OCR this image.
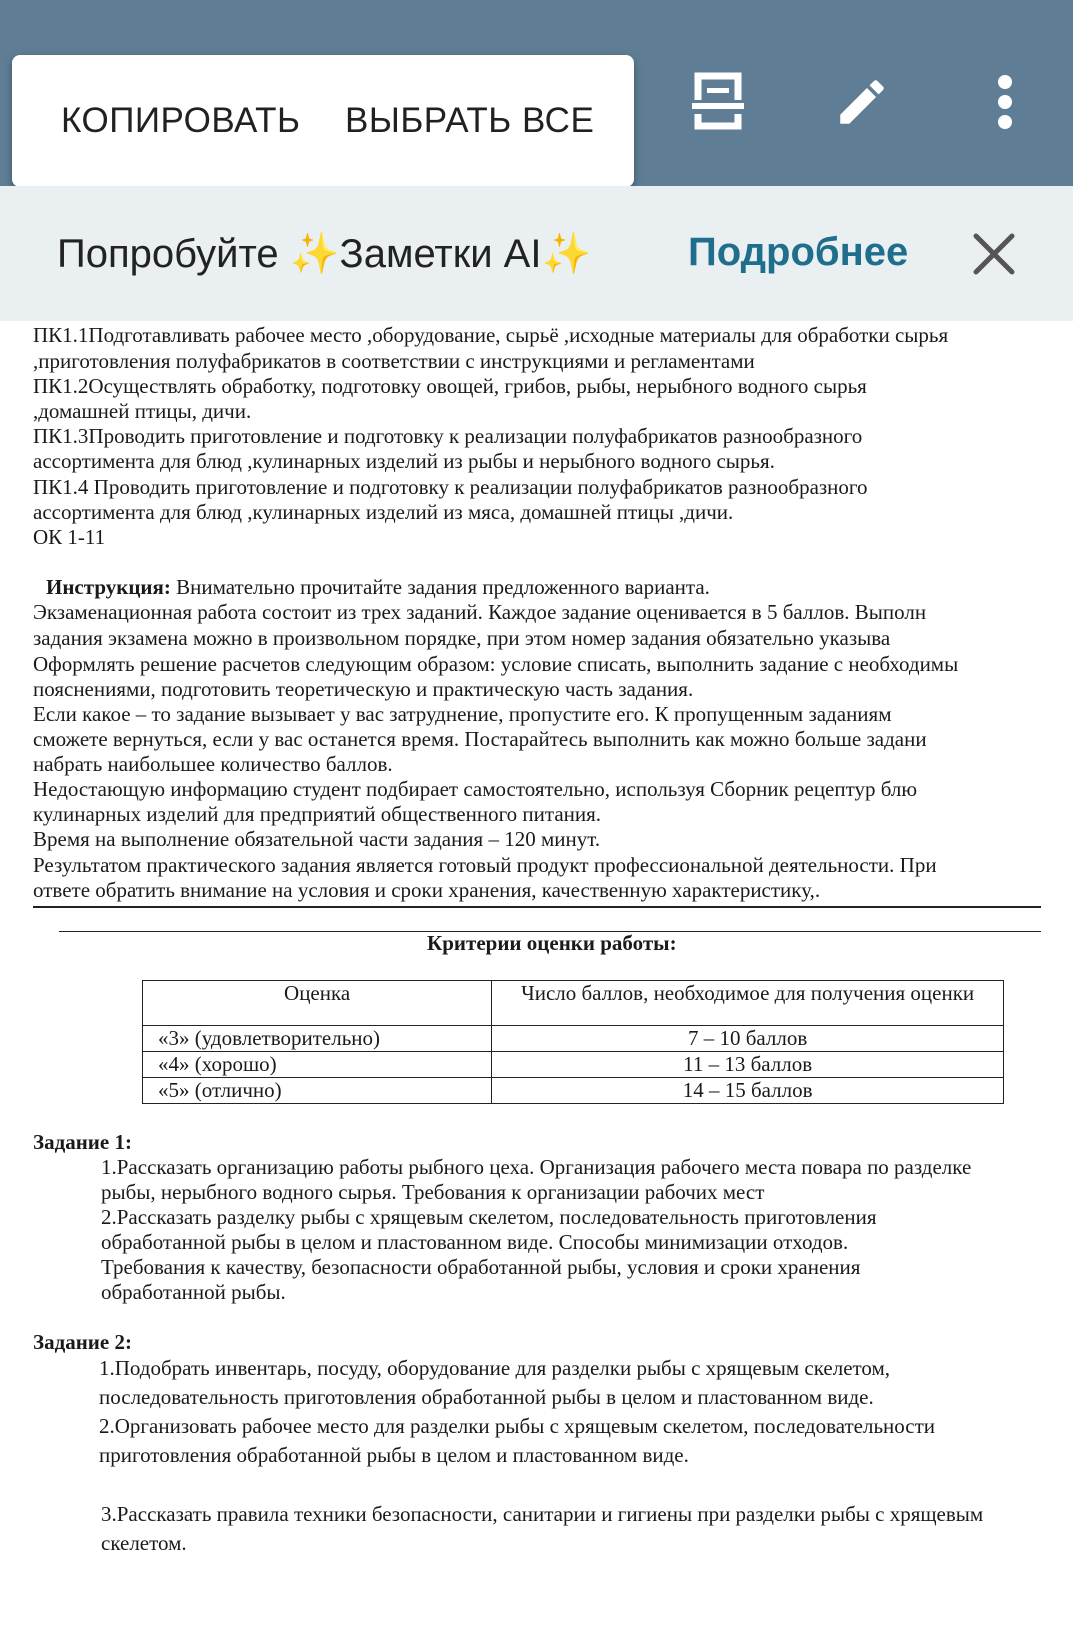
КОПИРОВАТЬ ВЫБРАТЬ ВСЕ
Попробуйте ✨Заметки AI✨ Подробнее
ПК1.1Подготавливать рабочее место ,оборудование, сырьё ,исходные материалы для обработки сырья
,приготовления полуфабрикатов в соответствии с инструкциями и регламентами
ПК1.2Осуществлять обработку, подготовку овощей, грибов, рыбы, нерыбного водного сырья
,домашней птицы, дичи.
ПК1.3Проводить приготовление и подготовку к реализации полуфабрикатов разнообразного
ассортимента для блюд ,кулинарных изделий из рыбы и нерыбного водного сырья.
ПК1.4 Проводить приготовление и подготовку к реализации полуфабрикатов разнообразного
ассортимента для блюд ,кулинарных изделий из мяса, домашней птицы ,дичи.
ОК 1-11
Инструкция: Внимательно прочитайте задания предложенного варианта.
Экзаменационная работа состоит из трех заданий. Каждое задание оценивается в 5 баллов. Выполн
задания экзамена можно в произвольном порядке, при этом номер задания обязательно указыва
Оформлять решение расчетов следующим образом: условие списать, выполнить задание с необходимы
пояснениями, подготовить теоретическую и практическую часть задания.
Если какое – то задание вызывает у вас затруднение, пропустите его. К пропущенным заданиям
сможете вернуться, если у вас останется время. Постарайтесь выполнить как можно больше задани
набрать наибольшее количество баллов.
Недостающую информацию студент подбирает самостоятельно, используя Сборник рецептур блю
кулинарных изделий для предприятий общественного питания.
Время на выполнение обязательной части задания – 120 минут.
Результатом практического задания является готовый продукт профессиональной деятельности. При
ответе обратить внимание на условия и сроки хранения, качественную характеристику,.
Критерии оценки работы:
Оценка	Число баллов, необходимое для получения оценки
«3» (удовлетворительно)	7 – 10 баллов
«4» (хорошо)	11 – 13 баллов
«5» (отлично)	14 – 15 баллов
Задание 1:
1.Рассказать организацию работы рыбного цеха. Организация рабочего места повара по разделке
рыбы, нерыбного водного сырья. Требования к организации рабочих мест
2.Рассказать разделку рыбы с хрящевым скелетом, последовательность приготовления
обработанной рыбы в целом и пластованном виде. Способы минимизации отходов.
Требования к качеству, безопасности обработанной рыбы, условия и сроки хранения
обработанной рыбы.
Задание 2:
1.Подобрать инвентарь, посуду, оборудование для разделки рыбы с хрящевым скелетом,
последовательность приготовления обработанной рыбы в целом и пластованном виде.
2.Организовать рабочее место для разделки рыбы с хрящевым скелетом, последовательности
приготовления обработанной рыбы в целом и пластованном виде.
3.Рассказать правила техники безопасности, санитарии и гигиены при разделки рыбы с хрящевым
скелетом.
